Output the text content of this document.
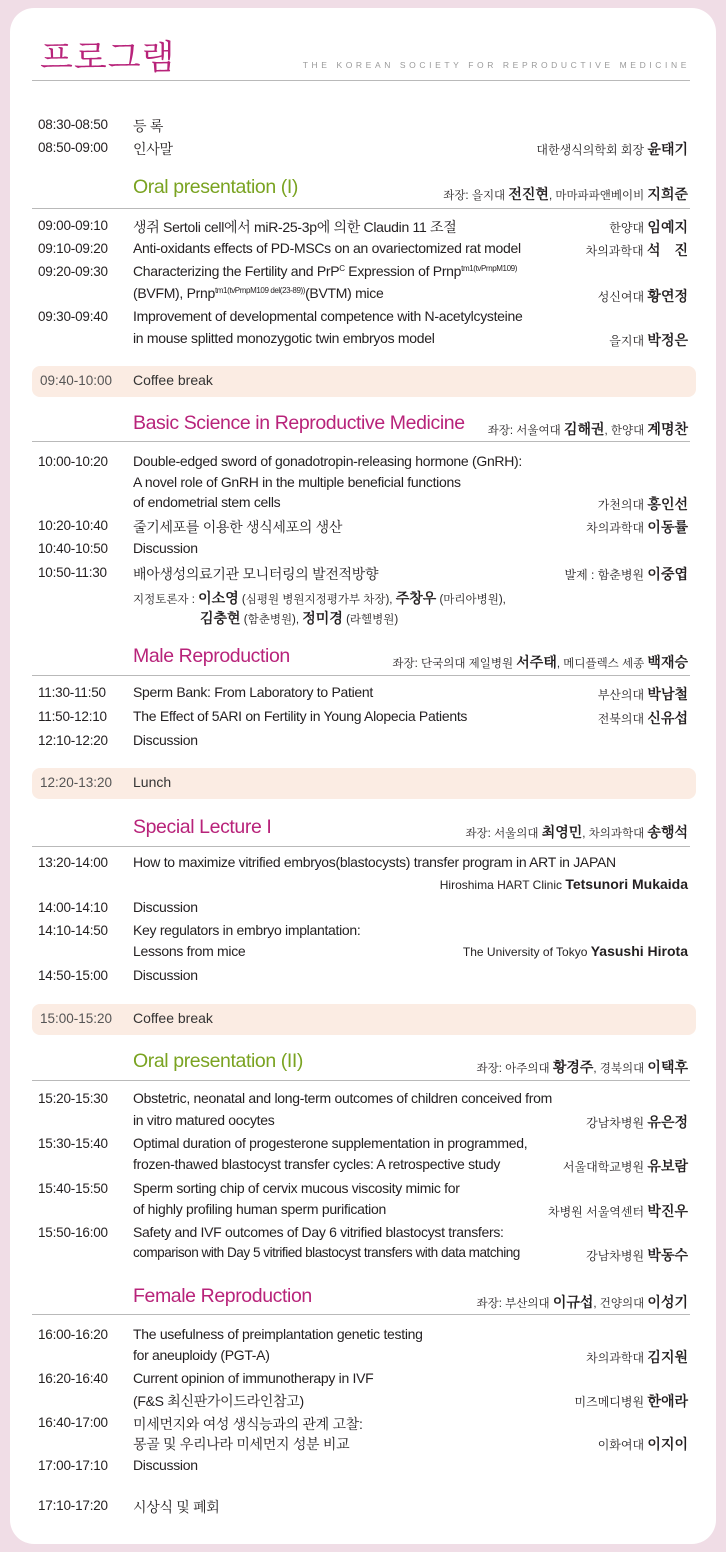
프로그램	THE KOREAN SOCIETY FOR REPRODUCTIVE MEDICINE
08:30-08:50 등 록
08:50-09:00 인사말	대한생식의학회 회장 윤태기
Oral presentation (I)	좌장: 을지대 전진현, 마마파파앤베이비 지희준
09:00-09:10 생쥐 Sertoli cell에서 miR-25-3p에 의한 Claudin 11 조절	한양대 임예지
09:10-09:20 Anti-oxidants effects of PD-MSCs on an ovariectomized rat model	차의과학대 석　진
09:20-09:30 Characterizing the Fertility and PrP$^C$ Expression of Prnp$^{tm1(tvPrnpM109)}$
(BVFM), Prnp$^{tm1(tvPrnpM109 del(23-89))}$(BVTM) mice	성신여대 황연정
09:30-09:40 Improvement of developmental competence with N-acetylcysteine
in mouse splitted monozygotic twin embryos model	을지대 박정은
09:40-10:00 Coffee break
Basic Science in Reproductive Medicine 좌장: 서울여대 김해권, 한양대 계명찬
10:00-10:20 Double-edged sword of gonadotropin-releasing hormone (GnRH):
A novel role of GnRH in the multiple beneficial functions
of endometrial stem cells	가천의대 홍인선
10:20-10:40 줄기세포를 이용한 생식세포의 생산	차의과학대 이동률
10:40-10:50 Discussion
10:50-11:30 배아생성의료기관 모니터링의 발전적방향	발제 : 함춘병원 이중엽
지정토론자 : 이소영 (심평원 병원지정평가부 차장), 주창우 (마리아병원),
김충현 (함춘병원), 정미경 (라헬병원)
Male Reproduction	좌장: 단국의대 제일병원 서주태, 메디플렉스 세종 백재승
11:30-11:50 Sperm Bank: From Laboratory to Patient	부산의대 박남철
11:50-12:10 The Effect of 5ARI on Fertility in Young Alopecia Patients	전북의대 신유섭
12:10-12:20 Discussion
12:20-13:20 Lunch
Special Lecture I	좌장: 서울의대 최영민, 차의과학대 송행석
13:20-14:00 How to maximize vitrified embryos(blastocysts) transfer program in ART in JAPAN
Hiroshima HART Clinic Tetsunori Mukaida
14:00-14:10 Discussion
14:10-14:50 Key regulators in embryo implantation:
Lessons from mice	The University of Tokyo Yasushi Hirota
14:50-15:00 Discussion
15:00-15:20 Coffee break
Oral presentation (II)	좌장: 아주의대 황경주, 경북의대 이택후
15:20-15:30 Obstetric, neonatal and long-term outcomes of children conceived from
in vitro matured oocytes	강남차병원 유은정
15:30-15:40 Optimal duration of progesterone supplementation in programmed,
frozen-thawed blastocyst transfer cycles: A retrospective study	서울대학교병원 유보람
15:40-15:50 Sperm sorting chip of cervix mucous viscosity mimic for
of highly profiling human sperm purification	차병원 서울역센터 박진우
15:50-16:00 Safety and IVF outcomes of Day 6 vitrified blastocyst transfers:
comparison with Day 5 vitrified blastocyst transfers with data matching	강남차병원 박동수
Female Reproduction	좌장: 부산의대 이규섭, 건양의대 이성기
16:00-16:20 The usefulness of preimplantation genetic testing
for aneuploidy (PGT-A)	차의과학대 김지원
16:20-16:40 Current opinion of immunotherapy in IVF
(F&S 최신판가이드라인참고)	미즈메디병원 한애라
16:40-17:00 미세먼지와 여성 생식능과의 관계 고찰:
몽골 및 우리나라 미세먼지 성분 비교	이화여대 이지이
17:00-17:10 Discussion
17:10-17:20 시상식 및 폐회
